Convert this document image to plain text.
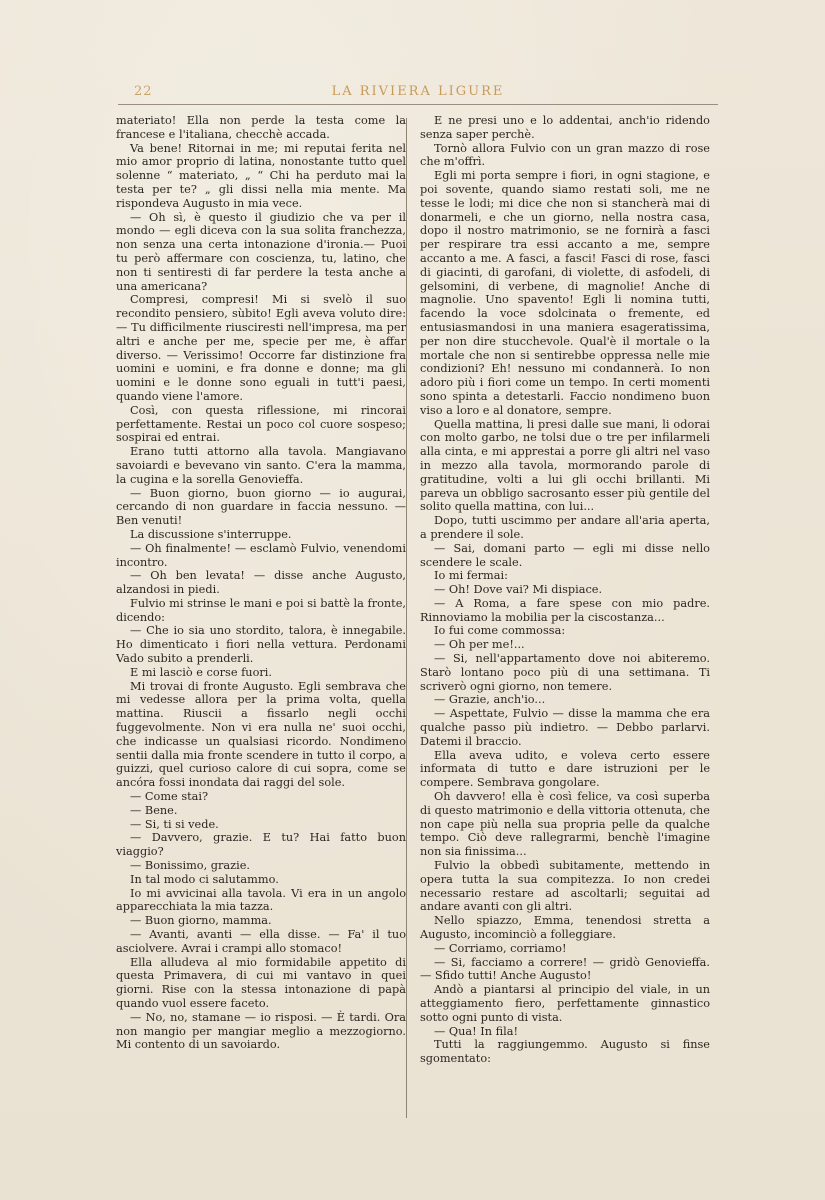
22	LA RIVIERA LIGURE

materiato! Ella non perde la testa come la francese e l'italiana, checchè accada.

Va bene! Ritornai in me; mi reputai ferita nel mio amor proprio di latina, nonostante tutto quel solenne “ materiato, „ “ Chi ha perduto mai la testa per te? „ gli dissi nella mia mente. Ma rispondeva Augusto in mia vece.

— Oh sì, è questo il giudizio che va per il mondo — egli diceva con la sua solita franchezza, non senza una certa intonazione d'ironia.— Puoi tu però affermare con coscienza, tu, latino, che non ti sentiresti di far perdere la testa anche a una americana?

Compresi, compresi! Mi si svelò il suo recondito pensiero, sùbito! Egli aveva voluto dire: — Tu difficilmente riusciresti nell'impresa, ma per altri e anche per me, specie per me, è affar diverso. — Verissimo! Occorre far distinzione fra uomini e uomini, e fra donne e donne; ma gli uomini e le donne sono eguali in tutt'i paesi, quando viene l'amore.

Così, con questa riflessione, mi rincorai perfettamente. Restai un poco col cuore sospeso; sospirai ed entrai.

Erano tutti attorno alla tavola. Mangiavano savoiardi e bevevano vin santo. C'era la mamma, la cugina e la sorella Genovieffa.

— Buon giorno, buon giorno — io augurai, cercando di non guardare in faccia nessuno. — Ben venuti!

La discussione s'interruppe.

— Oh finalmente! — esclamò Fulvio, venendomi incontro.

— Oh ben levata! — disse anche Augusto, alzandosi in piedi.

Fulvio mi strinse le mani e poi si battè la fronte, dicendo:

— Che io sia uno stordito, talora, è innegabile. Ho dimenticato i fiori nella vettura. Perdonami Vado subito a prenderli.

E mi lasciò e corse fuori.

Mi trovai di fronte Augusto. Egli sembrava che mi vedesse allora per la prima volta, quella mattina. Riuscii a fissarlo negli occhi fuggevolmente. Non vi era nulla ne' suoi occhi, che indicasse un qualsiasi ricordo. Nondimeno sentii dalla mia fronte scendere in tutto il corpo, a guizzi, quel curioso calore di cui sopra, come se ancóra fossi inondata dai raggi del sole.

— Come stai?

— Bene.

— Si, ti si vede.

— Davvero, grazie. E tu? Hai fatto buon viaggio?

— Bonissimo, grazie.

In tal modo ci salutammo.

Io mi avvicinai alla tavola. Vi era in un angolo apparecchiata la mia tazza.

— Buon giorno, mamma.

— Avanti, avanti — ella disse. — Fa' il tuo asciolvere. Avrai i crampi allo stomaco!

Ella alludeva al mio formidabile appetito di questa Primavera, di cui mi vantavo in quei giorni. Rise con la stessa intonazione di papà quando vuol essere faceto.

— No, no, stamane — io risposi. — È tardi. Ora non mangio per mangiar meglio a mezzogiorno. Mi contento di un savoiardo.

E ne presi uno e lo addentai, anch'io ridendo senza saper perchè.

Tornò allora Fulvio con un gran mazzo di rose che m'offrì.

Egli mi porta sempre i fiori, in ogni stagione, e poi sovente, quando siamo restati soli, me ne tesse le lodi; mi dice che non si stancherà mai di donarmeli, e che un giorno, nella nostra casa, dopo il nostro matrimonio, se ne fornirà a fasci per respirare tra essi accanto a me, sempre accanto a me. A fasci, a fasci! Fasci di rose, fasci di giacinti, di garofani, di violette, di asfodeli, di gelsomini, di verbene, di magnolie! Anche di magnolie. Uno spavento! Egli li nomina tutti, facendo la voce sdolcinata o fremente, ed entusiasmandosi in una maniera esageratissima, per non dire stucchevole. Qual'è il mortale o la mortale che non si sentirebbe oppressa nelle mie condizioni? Eh! nessuno mi condannerà. Io non adoro più i fiori come un tempo. In certi momenti sono spinta a detestarli. Faccio nondimeno buon viso a loro e al donatore, sempre.

Quella mattina, li presi dalle sue mani, li odorai con molto garbo, ne tolsi due o tre per infilarmeli alla cinta, e mi apprestai a porre gli altri nel vaso in mezzo alla tavola, mormorando parole di gratitudine, volti a lui gli occhi brillanti. Mi pareva un obbligo sacrosanto esser più gentile del solito quella mattina, con lui...

Dopo, tutti uscimmo per andare all'aria aperta, a prendere il sole.

— Sai, domani parto — egli mi disse nello scendere le scale.

Io mi fermai:

— Oh! Dove vai? Mi dispiace.

— A Roma, a fare spese con mio padre. Rinnoviamo la mobilia per la ciscostanza...

Io fui come commossa:

— Oh per me!...

— Si, nell'appartamento dove noi abiteremo. Starò lontano poco più di una settimana. Ti scriverò ogni giorno, non temere.

— Grazie, anch'io...

— Aspettate, Fulvio — disse la mamma che era qualche passo più indietro. — Debbo parlarvi. Datemi il braccio.

Ella aveva udito, e voleva certo essere informata di tutto e dare istruzioni per le compere. Sembrava gongolare.

Oh davvero! ella è così felice, va così superba di questo matrimonio e della vittoria ottenuta, che non cape più nella sua propria pelle da qualche tempo. Ciò deve rallegrarmi, benchè l'imagine non sia finissima...

Fulvio la obbedì subitamente, mettendo in opera tutta la sua compitezza. Io non credei necessario restare ad ascoltarli; seguitai ad andare avanti con gli altri.

Nello spiazzo, Emma, tenendosi stretta a Augusto, incominciò a folleggiare.

— Corriamo, corriamo!

— Si, facciamo a correre! — gridò Genovieffa. — Sfido tutti! Anche Augusto!

Andò a piantarsi al principio del viale, in un atteggiamento fiero, perfettamente ginnastico sotto ogni punto di vista.

— Qua! In fila!

Tutti la raggiungemmo. Augusto si finse sgomentato:
